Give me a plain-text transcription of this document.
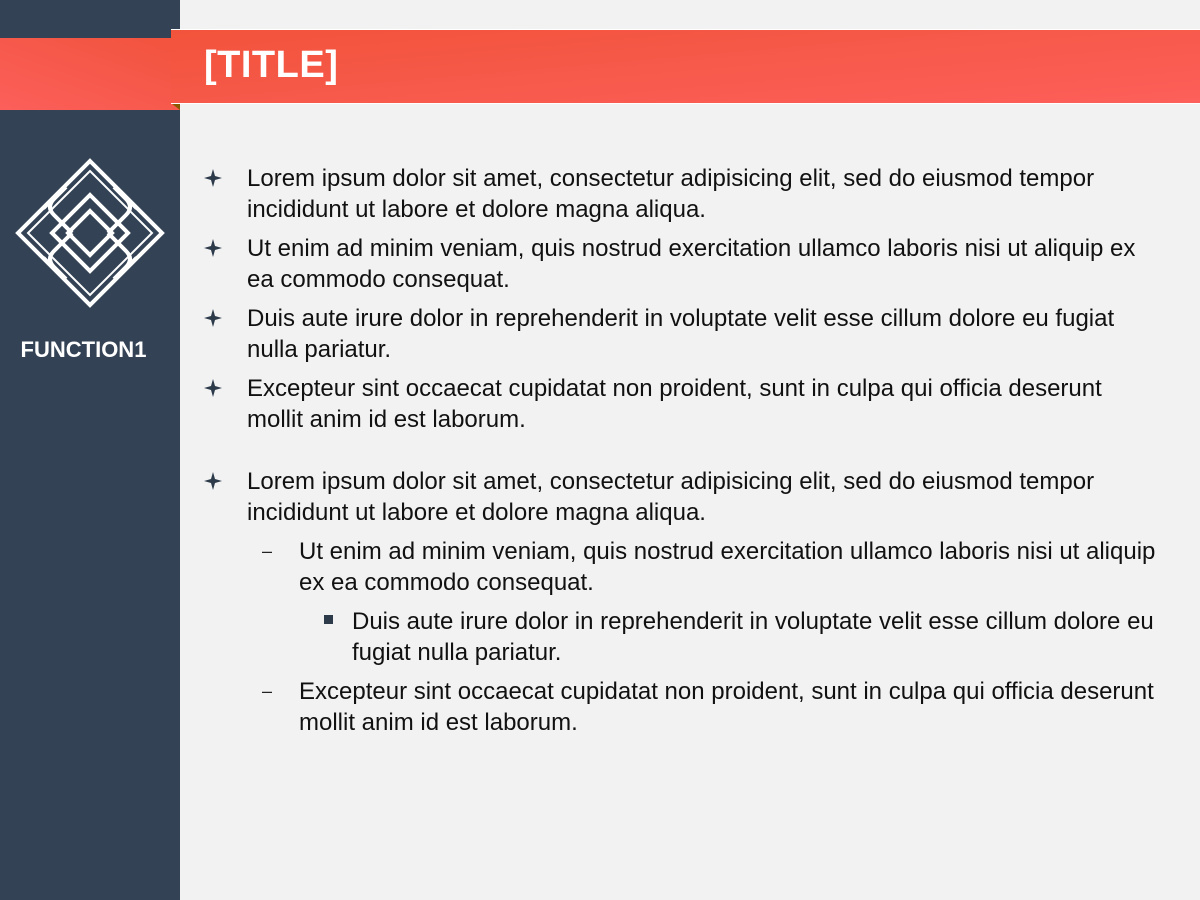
FUNCTION1
[TITLE]
Lorem ipsum dolor sit amet, consectetur adipisicing elit, sed do eiusmod tempor incididunt ut labore et dolore magna aliqua.
Ut enim ad minim veniam, quis nostrud exercitation ullamco laboris nisi ut aliquip ex ea commodo consequat.
Duis aute irure dolor in reprehenderit in voluptate velit esse cillum dolore eu fugiat nulla pariatur.
Excepteur sint occaecat cupidatat non proident, sunt in culpa qui officia deserunt mollit anim id est laborum.
Lorem ipsum dolor sit amet, consectetur adipisicing elit, sed do eiusmod tempor incididunt ut labore et dolore magna aliqua.
– Ut enim ad minim veniam, quis nostrud exercitation ullamco laboris nisi ut aliquip ex ea commodo consequat.
Duis aute irure dolor in reprehenderit in voluptate velit esse cillum dolore eu fugiat nulla pariatur.
– Excepteur sint occaecat cupidatat non proident, sunt in culpa qui officia deserunt mollit anim id est laborum.
